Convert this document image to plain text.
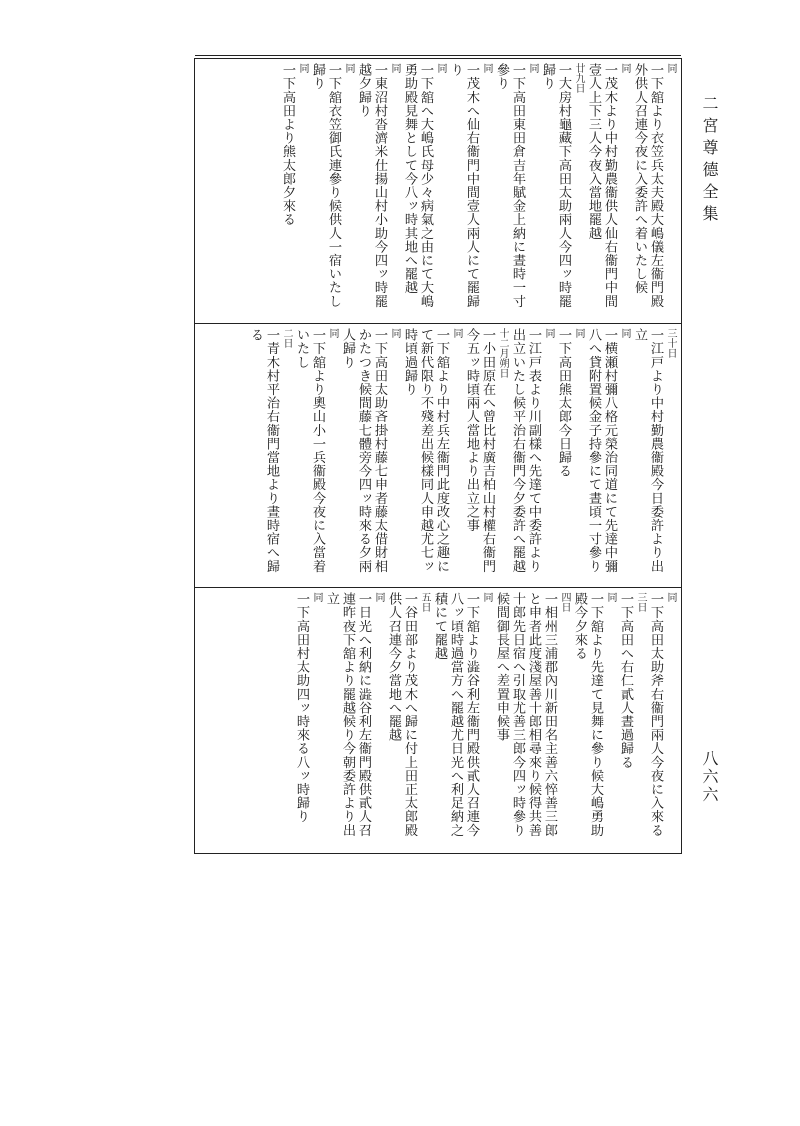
二宮尊德全集
八六六
同
一下舘より衣笠兵太夫殿大嶋儀左衞門殿外供人召連今夜に入委許へ着いたし候
同
一茂木より中村勤農衞供人仙右衞門中間壹人上下三人今夜入當地罷越
廿九日
一大房村龜藏下高田太助兩人今四ッ時罷歸り
同
一下高田東田倉吉年賦金上納に晝時一寸參り
同
一茂木へ仙右衞門中間壹人兩人にて罷歸り
同
一下舘へ大嶋氏母少々病氣之由にて大嶋勇助殿見舞として今八ッ時其地へ罷越
同
一東沼村沓濟米仕揚山村小助今四ッ時罷越夕歸り
同
一下舘衣笠御氏連參り候供人一宿いたし歸り
同
一下高田より熊太郎夕來る
三十日
一江戸より中村勤農衞殿今日委許より出立
同
一横瀬村彌八格元榮治同道にて先達中彌八へ貸附置候金子持參にて晝頃一寸參り
同
一下高田熊太郎今日歸る
同
一江戸表より川副樣へ先達て中委許より出立いたし候平治右衞門今夕委許へ罷越
十二月朔日
一小田原在へ曾比村廣吉柏山村權右衞門今五ッ時頃兩人當地より出立之事
同
一下舘より中村兵左衞門此度改心之趣にて新代限り不殘差出候樣同人申越尤七ッ時頃過歸り
同
一下高田太助吝掛村藤七申者藤太借財相かたつき候間藤七體旁今四ッ時來る夕兩人歸り
同
一下舘より奧山小一兵衞殿今夜に入當着いたし
二日
一青木村平治右衞門當地より晝時宿へ歸る
同
一下高田太助斧右衞門兩人今夜に入來る
三日
一下高田へ右仁貳人晝過歸る
同
一下舘より先達て見舞に參り候大嶋勇助殿今夕來る
四日
一相州三浦郡內川新田名主善六悴善三郎と申者此度淺屋善十郎相尋來り候得共善十郎先日宿へ引取尤善三郎今四ッ時參り候間御長屋へ差置申候事
同
一下舘より澁谷利左衞門殿供貳人召連今八ッ頃時過當方へ罷越尤日光へ利足納之積にて罷越
五日
一谷田部より茂木へ歸に付上田正太郎殿供人召連今夕當地へ罷越
同
一日光へ利納に澁谷利左衞門殿供貳人召連昨夜下舘より罷越候り今朝委許より出立
同
一下高田村太助四ッ時來る八ッ時歸り
